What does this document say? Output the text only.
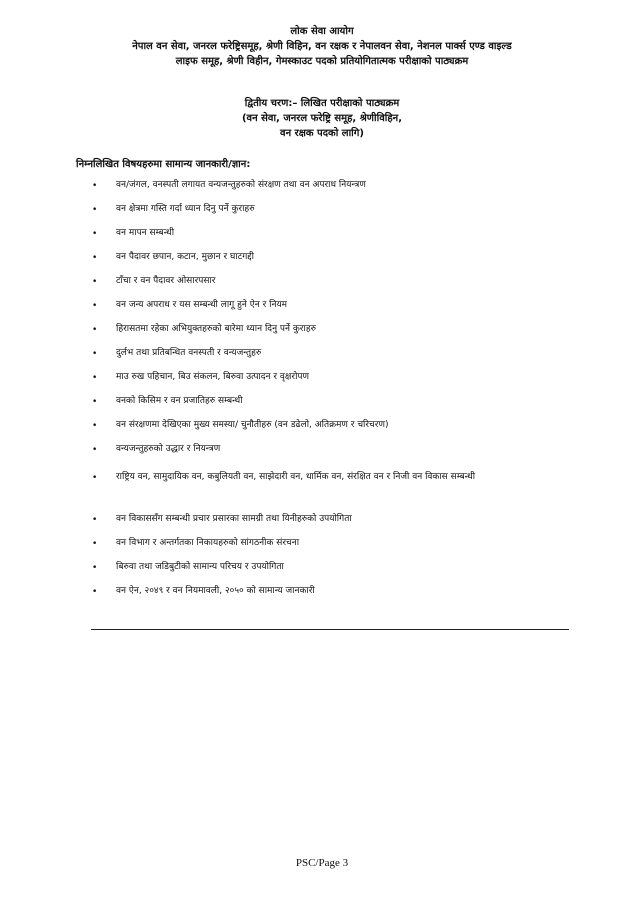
लोक सेवा आयोग
नेपाल वन सेवा, जनरल फरेष्ट्रिसमूह, श्रेणी विहिन, वन रक्षक र नेपालवन सेवा, नेशनल पार्क्स एण्ड वाइल्ड
लाइफ समूह, श्रेणी विहीन, गेमस्काउट पदको प्रतियोगितात्मक परीक्षाको पाठ्यक्रम
द्वितीय चरण:– लिखित परीक्षाको पाठ्यक्रम
(वन सेवा, जनरल फरेष्ट्रि समूह, श्रेणीविहिन,
वन रक्षक पदको लागि)
निम्नलिखित विषयहरुमा सामान्य जानकारी/ज्ञान:
• वन/जंगल, वनस्पती लगायत वन्यजन्तुहरुको संरक्षण तथा वन अपराध नियन्त्रण
• वन क्षेत्रमा गस्ति गर्दा ध्यान दिनु पर्ने कुराहरु
• वन मापन सम्बन्धी
• वन पैदावर छपान, कटान, मुछान र घाटगद्दी
• टाँचा र वन पैदावर ओसारपसार
• वन जन्य अपराध र यस सम्बन्धी लागू हुने ऐन र नियम
• हिरासतमा रहेका अभियुक्तहरुको बारेमा ध्यान दिनु पर्ने कुराहरु
• दुर्लभ तथा प्रतिबन्धित वनस्पती र वन्यजन्तुहरु
• माउ रुख पहिचान, बिउ संकलन, बिरुवा उत्पादन र वृक्षरोपण
• वनको किसिम र वन प्रजातिहरु सम्बन्धी
• वन संरक्षणमा देखिएका मुख्य समस्या/ चुनौतीहरु (वन डढेलो, अतिक्रमण र चरिचरण)
• वन्यजन्तुहरुको उद्धार र नियन्त्रण
• राष्ट्रिय वन, सामुदायिक वन, कबुलियती वन, साझेदारी वन, धार्मिक वन, संरक्षित वन र निजी वन विकास सम्बन्धी
• वन विकाससँग सम्बन्धी प्रचार प्रसारका सामग्री तथा यिनीहरुको उपयोगिता
• वन विभाग र अन्तर्गतका निकायहरुको सांगठनीक संरचना
• बिरुवा तथा जडिबुटीको सामान्य परिचय र उपयोगिता
• वन ऐन, २०४९ र वन नियमावली, २०५० को सामान्य जानकारी
PSC/Page 3
